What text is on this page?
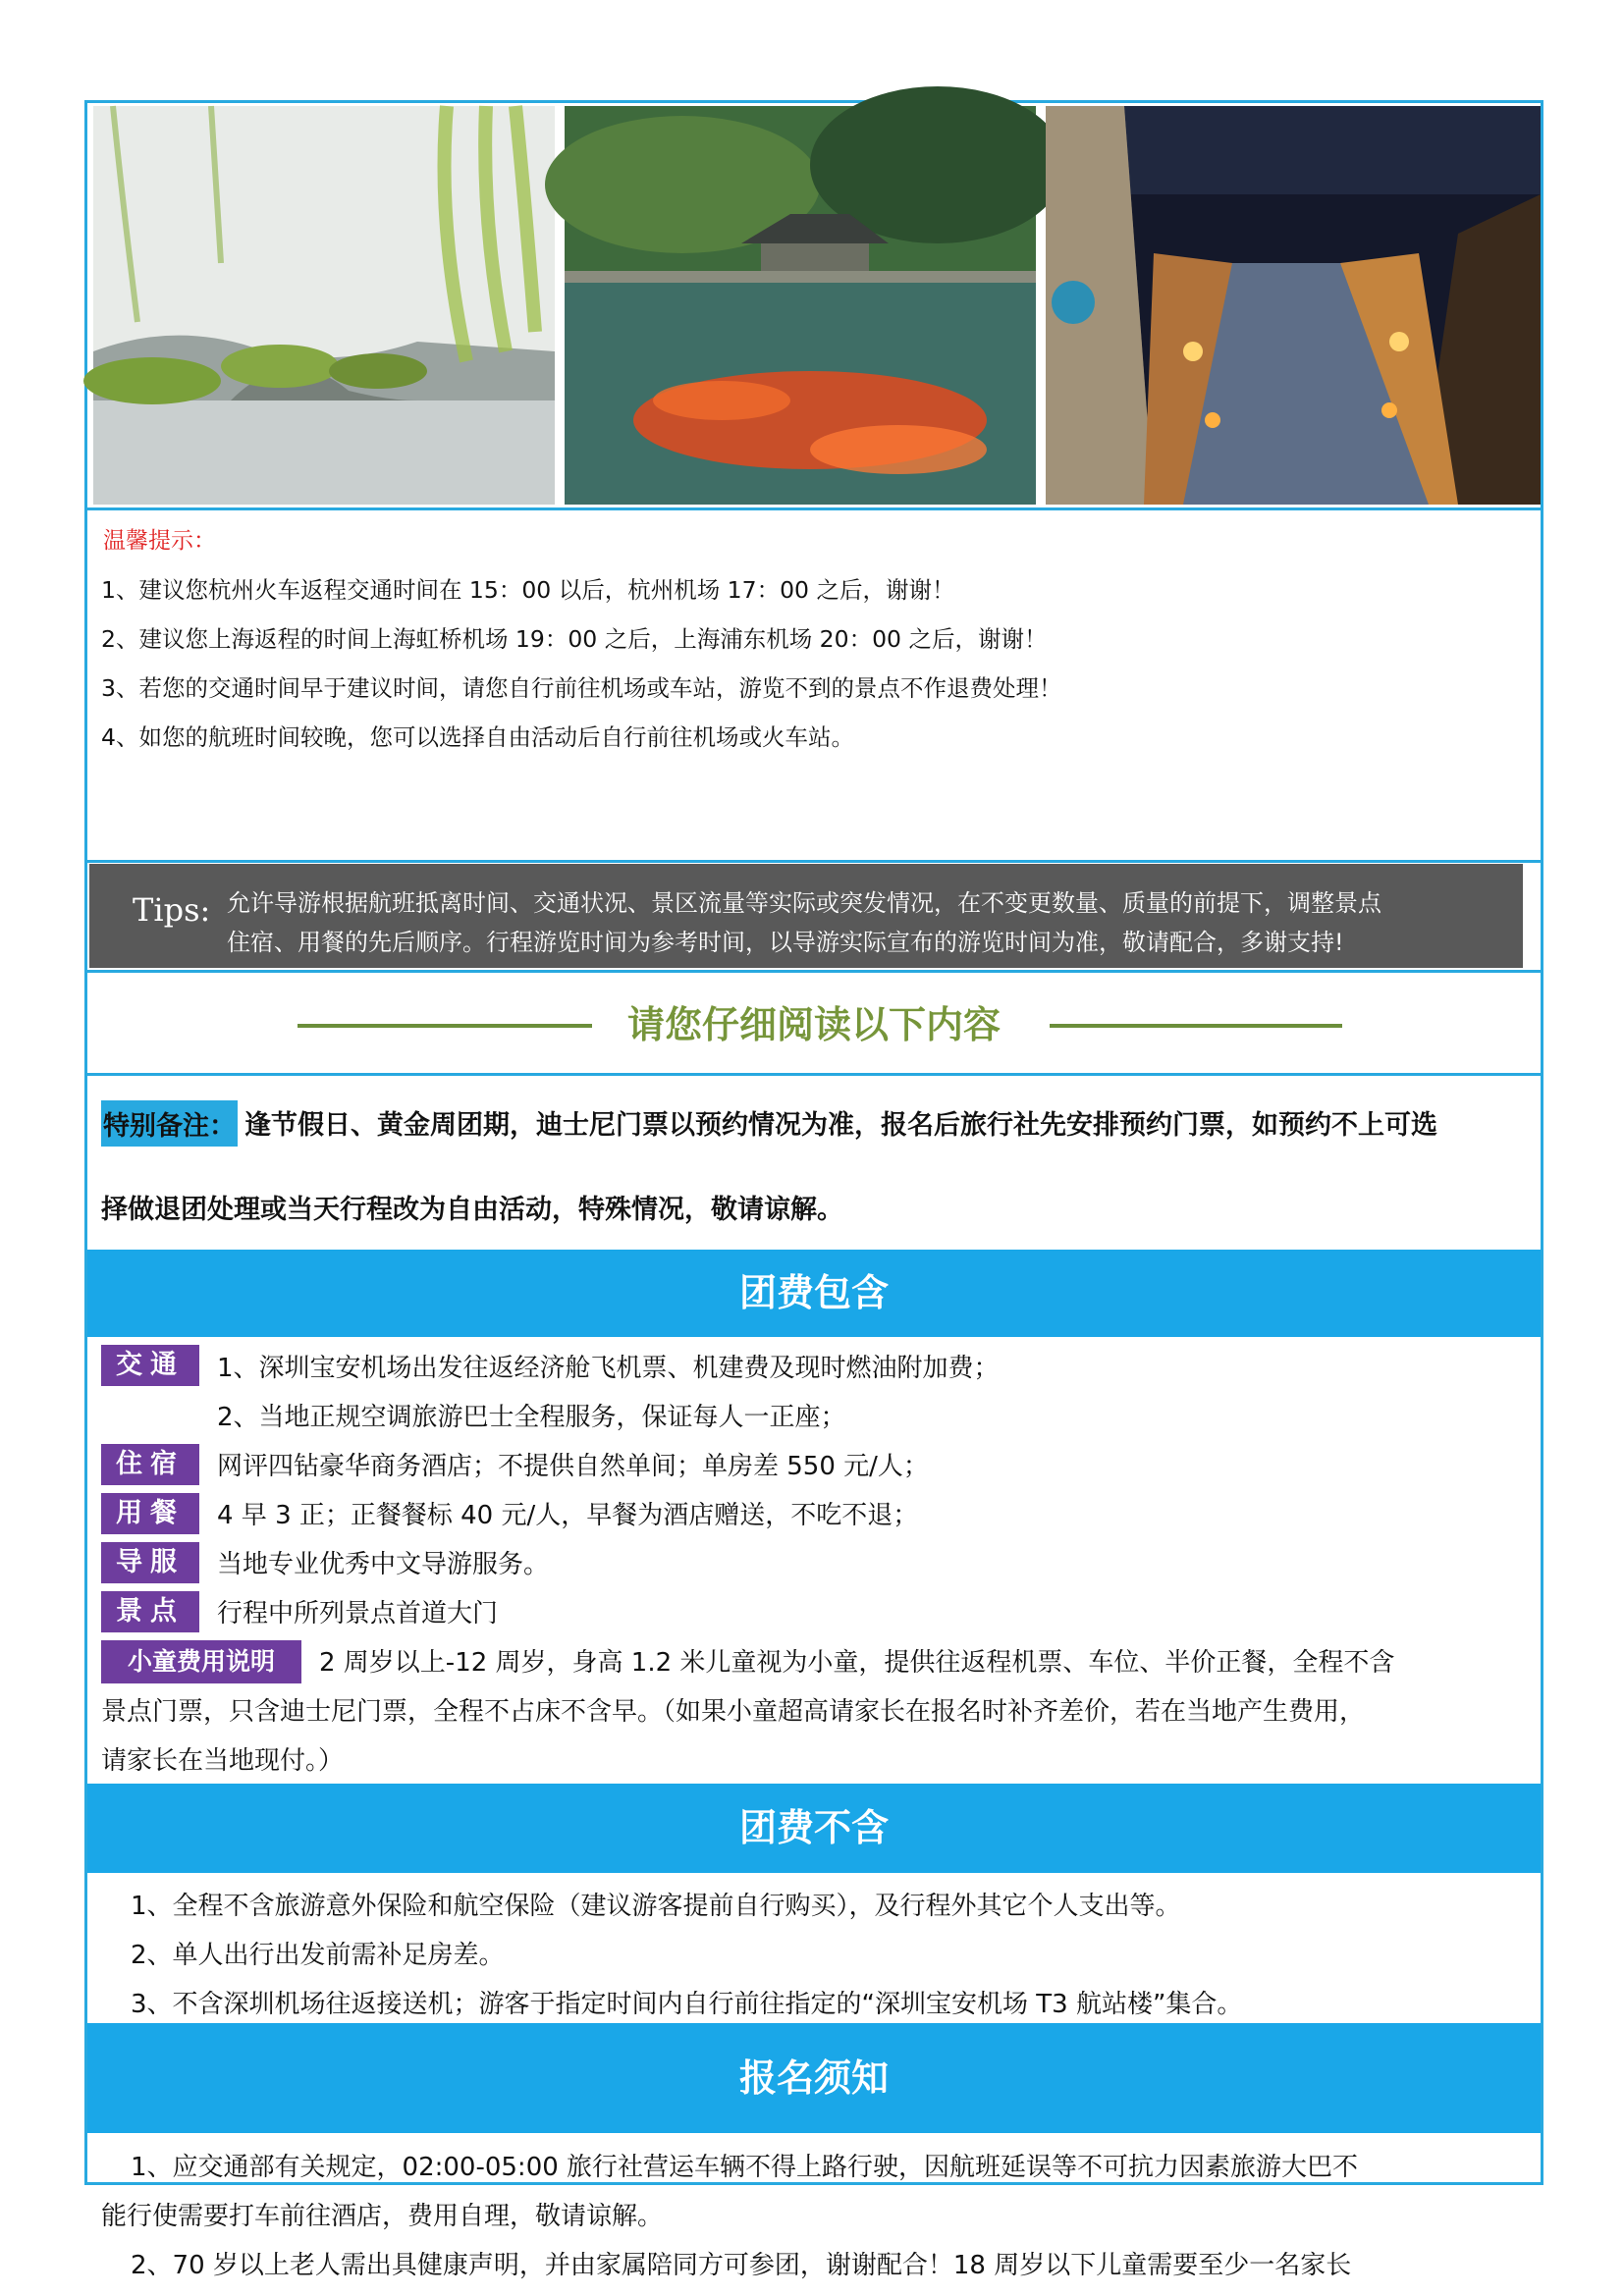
温馨提示：
1、建议您杭州火车返程交通时间在 15：00 以后，杭州机场 17：00 之后，谢谢！
2、建议您上海返程的时间上海虹桥机场 19：00 之后，上海浦东机场 20：00 之后，谢谢！
3、若您的交通时间早于建议时间，请您自行前往机场或车站，游览不到的景点不作退费处理！
4、如您的航班时间较晚，您可以选择自由活动后自行前往机场或火车站。
Tips: 允许导游根据航班抵离时间、交通状况、景区流量等实际或突发情况，在不变更数量、质量的前提下，调整景点
住宿、用餐的先后顺序。行程游览时间为参考时间，以导游实际宣布的游览时间为准，敬请配合，多谢支持!
请您仔细阅读以下内容
特别备注： 逢节假日、黄金周团期，迪士尼门票以预约情况为准，报名后旅行社先安排预约门票，如预约不上可选
择做退团处理或当天行程改为自由活动，特殊情况，敬请谅解。
团费包含
交通	1、深圳宝安机场出发往返经济舱飞机票、机建费及现时燃油附加费；
2、当地正规空调旅游巴士全程服务，保证每人一正座；
住宿	网评四钻豪华商务酒店；不提供自然单间；单房差 550 元/人；
用餐	4 早 3 正；正餐餐标 40 元/人，早餐为酒店赠送，不吃不退；
导服	当地专业优秀中文导游服务。
景点	行程中所列景点首道大门
小童费用说明	2 周岁以上-12 周岁，身高 1.2 米儿童视为小童，提供往返程机票、车位、半价正餐，全程不含
景点门票，只含迪士尼门票，全程不占床不含早。（如果小童超高请家长在报名时补齐差价，若在当地产生费用，
请家长在当地现付。）
团费不含
1、全程不含旅游意外保险和航空保险（建议游客提前自行购买），及行程外其它个人支出等。
2、单人出行出发前需补足房差。
3、不含深圳机场往返接送机；游客于指定时间内自行前往指定的“深圳宝安机场 T3 航站楼”集合。
报名须知
1、应交通部有关规定，02:00-05:00 旅行社营运车辆不得上路行驶，因航班延误等不可抗力因素旅游大巴不
能行使需要打车前往酒店，费用自理，敬请谅解。
2、70 岁以上老人需出具健康声明，并由家属陪同方可参团，谢谢配合！18 周岁以下儿童需要至少一名家长
